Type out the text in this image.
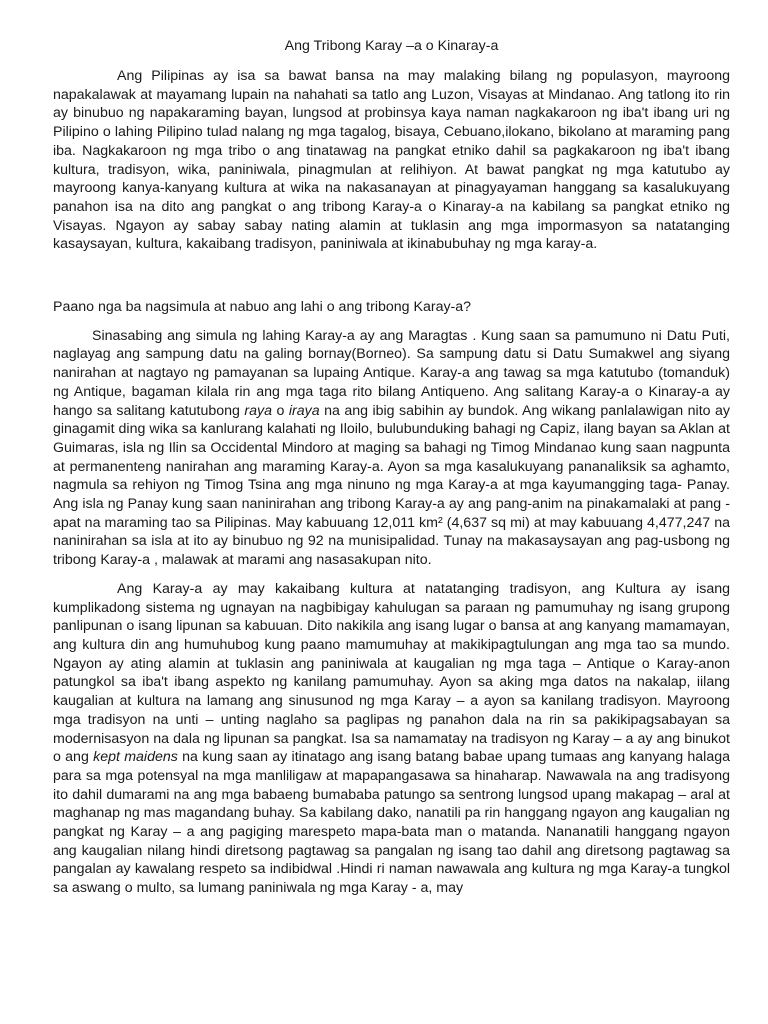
Ang Tribong Karay –a o Kinaray-a

Ang Pilipinas ay isa sa bawat bansa na may malaking bilang ng populasyon, mayroong napakalawak at mayamang lupain na nahahati sa tatlo ang Luzon, Visayas at Mindanao. Ang tatlong ito rin ay binubuo ng napakaraming bayan, lungsod at probinsya kaya naman nagkakaroon ng iba't ibang uri ng Pilipino o lahing Pilipino tulad nalang ng mga tagalog, bisaya, Cebuano,ilokano, bikolano at maraming pang iba. Nagkakaroon ng mga tribo o ang tinatawag na pangkat etniko dahil sa pagkakaroon ng iba't ibang kultura, tradisyon, wika, paniniwala, pinagmulan at relihiyon. At bawat pangkat ng mga katutubo ay mayroong kanya-kanyang kultura at wika na nakasanayan at pinagyayaman hanggang sa kasalukuyang panahon isa na dito ang pangkat o ang tribong Karay-a o Kinaray-a na kabilang sa pangkat etniko ng Visayas. Ngayon ay sabay sabay nating alamin at tuklasin ang mga impormasyon sa natatanging kasaysayan, kultura, kakaibang tradisyon, paniniwala at ikinabubuhay ng mga karay-a.

Paano nga ba nagsimula at nabuo ang lahi o ang tribong Karay-a?

Sinasabing ang simula ng lahing Karay-a ay ang Maragtas . Kung saan sa pamumuno ni Datu Puti, naglayag ang sampung datu na galing bornay(Borneo). Sa sampung datu si Datu Sumakwel ang siyang nanirahan at nagtayo ng pamayanan sa lupaing Antique. Karay-a ang tawag sa mga katutubo (tomanduk) ng Antique, bagaman kilala rin ang mga taga rito bilang Antiqueno. Ang salitang Karay-a o Kinaray-a ay hango sa salitang katutubong raya o iraya na ang ibig sabihin ay bundok. Ang wikang panlalawigan nito ay ginagamit ding wika sa kanlurang kalahati ng Iloilo, bulubunduking bahagi ng Capiz, ilang bayan sa Aklan at Guimaras, isla ng Ilin sa Occidental Mindoro at maging sa bahagi ng Timog Mindanao kung saan nagpunta at permanenteng nanirahan ang maraming Karay-a. Ayon sa mga kasalukuyang pananaliksik sa aghamto, nagmula sa rehiyon ng Timog Tsina ang mga ninuno ng mga Karay-a at mga kayumangging taga- Panay. Ang isla ng Panay kung saan naninirahan ang tribong Karay-a ay ang pang-anim na pinakamalaki at pang -apat na maraming tao sa Pilipinas. May kabuuang 12,011 km² (4,637 sq mi) at may kabuuang 4,477,247 na naninirahan sa isla at ito ay binubuo ng 92 na munisipalidad. Tunay na makasaysayan ang pag-usbong ng tribong Karay-a , malawak at marami ang nasasakupan nito.

Ang Karay-a ay may kakaibang kultura at natatanging tradisyon, ang Kultura ay isang kumplikadong sistema ng ugnayan na nagbibigay kahulugan sa paraan ng pamumuhay ng isang grupong panlipunan o isang lipunan sa kabuuan. Dito nakikila ang isang lugar o bansa at ang kanyang mamamayan, ang kultura din ang humuhubog kung paano mamumuhay at makikipagtulungan ang mga tao sa mundo. Ngayon ay ating alamin at tuklasin ang paniniwala at kaugalian ng mga taga – Antique o Karay-anon patungkol sa iba't ibang aspekto ng kanilang pamumuhay. Ayon sa aking mga datos na nakalap, iilang kaugalian at kultura na lamang ang sinusunod ng mga Karay – a ayon sa kanilang tradisyon. Mayroong mga tradisyon na unti – unting naglaho sa paglipas ng panahon dala na rin sa pakikipagsabayan sa modernisasyon na dala ng lipunan sa pangkat. Isa sa namamatay na tradisyon ng Karay – a ay ang binukot o ang kept maidens na kung saan ay itinatago ang isang batang babae upang tumaas ang kanyang halaga para sa mga potensyal na mga manliligaw at mapapangasawa sa hinaharap. Nawawala na ang tradisyong ito dahil dumarami na ang mga babaeng bumababa patungo sa sentrong lungsod upang makapag – aral at maghanap ng mas magandang buhay. Sa kabilang dako, nanatili pa rin hanggang ngayon ang kaugalian ng pangkat ng Karay – a ang pagiging marespeto mapa-bata man o matanda. Nananatili hanggang ngayon ang kaugalian nilang hindi diretsong pagtawag sa pangalan ng isang tao dahil ang diretsong pagtawag sa pangalan ay kawalang respeto sa indibidwal .Hindi ri naman nawawala ang kultura ng mga Karay-a tungkol sa aswang o multo, sa lumang paniniwala ng mga Karay - a, may
